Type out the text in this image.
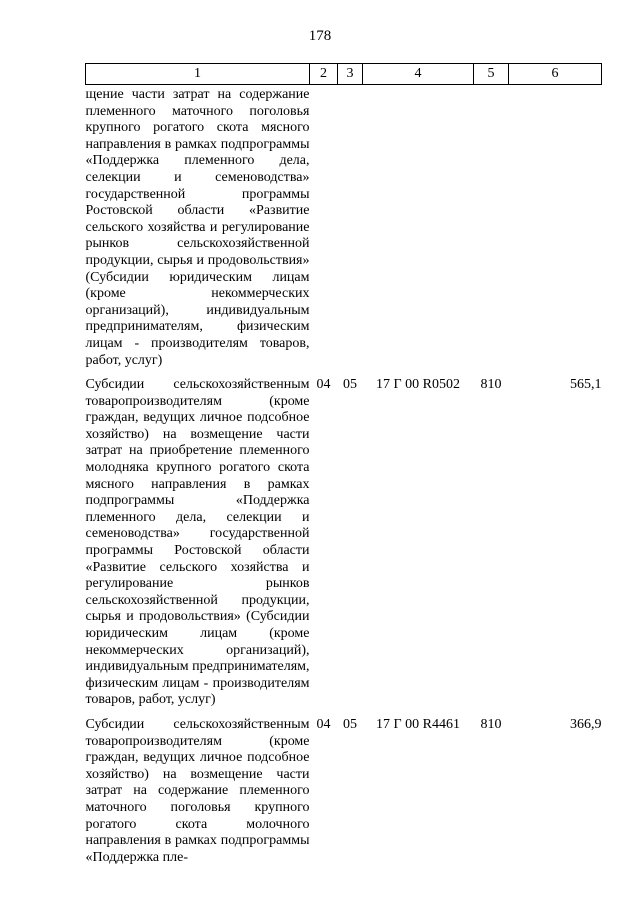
178
1	2	3	4	5	6

щение части затрат на содержание племенного маточного поголовья крупного рогатого скота мясного направления в рамках подпрограммы «Поддержка племенного дела, селекции и семеноводства» государственной программы Ростовской области «Развитие сельского хозяйства и регулирование рынков сельскохозяйственной продукции, сырья и продовольствия» (Субсидии юридическим лицам (кроме некоммерческих организаций), индивидуальным предпринимателям, физическим лицам - производителям товаров, работ, услуг)					

Субсидии сельскохозяйственным товаропроизводителям (кроме граждан, ведущих личное подсобное хозяйство) на возмещение части затрат на приобретение племенного молодняка крупного рогатого скота мясного направления в рамках подпрограммы «Поддержка племенного дела, селекции и семеноводства» государственной программы Ростовской области «Развитие сельского хозяйства и регулирование рынков сельскохозяйственной продукции, сырья и продовольствия» (Субсидии юридическим лицам (кроме некоммерческих организаций), индивидуальным предпринимателям, физическим лицам - производителям товаров, работ, услуг)	04	05	17 Г 00 R0502	810	565,1

Субсидии сельскохозяйственным товаропроизводителям (кроме граждан, ведущих личное подсобное хозяйство) на возмещение части затрат на содержание племенного маточного поголовья крупного рогатого скота молочного направления в рамках подпрограммы «Поддержка пле-	04	05	17 Г 00 R4461	810	366,9
